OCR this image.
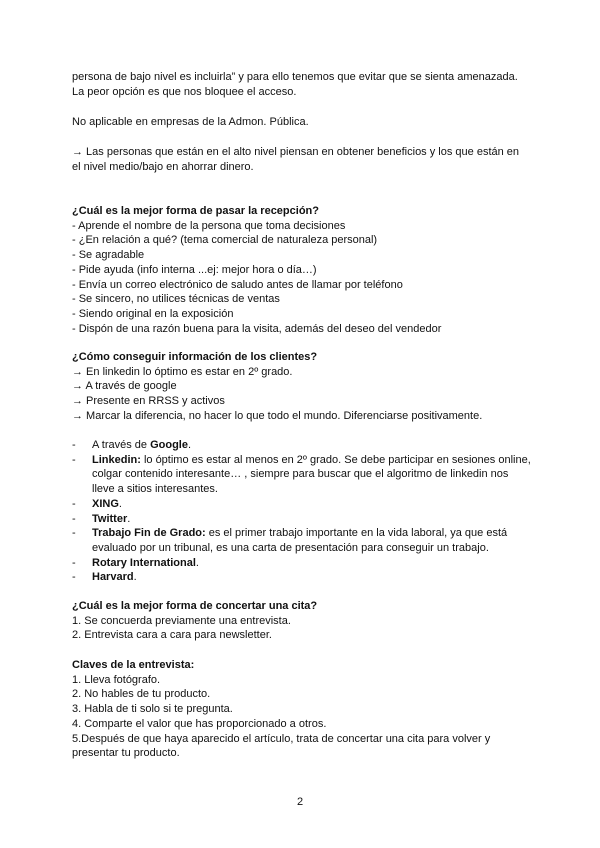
persona de bajo nivel es incluirla” y para ello tenemos que evitar que se sienta amenazada.
La peor opción es que nos bloquee el acceso.
No aplicable en empresas de la Admon. Pública.
→ Las personas que están en el alto nivel piensan en obtener beneficios y los que están en
el nivel medio/bajo en ahorrar dinero.
¿Cuál es la mejor forma de pasar la recepción?
- Aprende el nombre de la persona que toma decisiones
- ¿En relación a qué? (tema comercial de naturaleza personal)
- Se agradable
- Pide ayuda (info interna ...ej: mejor hora o día…)
- Envía un correo electrónico de saludo antes de llamar por teléfono
- Se sincero, no utilices técnicas de ventas
- Siendo original en la exposición
- Dispón de una razón buena para la visita, además del deseo del vendedor
¿Cómo conseguir información de los clientes?
→ En linkedin lo óptimo es estar en 2º grado.
→ A través de google
→ Presente en RRSS y activos
→ Marcar la diferencia, no hacer lo que todo el mundo. Diferenciarse positivamente.
- A través de Google.
- Linkedin: lo óptimo es estar al menos en 2º grado. Se debe participar en sesiones online, colgar contenido interesante… , siempre para buscar que el algoritmo de linkedin nos lleve a sitios interesantes.
- XING.
- Twitter.
- Trabajo Fin de Grado: es el primer trabajo importante en la vida laboral, ya que está evaluado por un tribunal, es una carta de presentación para conseguir un trabajo.
- Rotary International.
- Harvard.
¿Cuál es la mejor forma de concertar una cita?
1. Se concuerda previamente una entrevista.
2. Entrevista cara a cara para newsletter.
Claves de la entrevista:
1. Lleva fotógrafo.
2. No hables de tu producto.
3. Habla de ti solo si te pregunta.
4. Comparte el valor que has proporcionado a otros.
5.Después de que haya aparecido el artículo, trata de concertar una cita para volver y
presentar tu producto.
2
